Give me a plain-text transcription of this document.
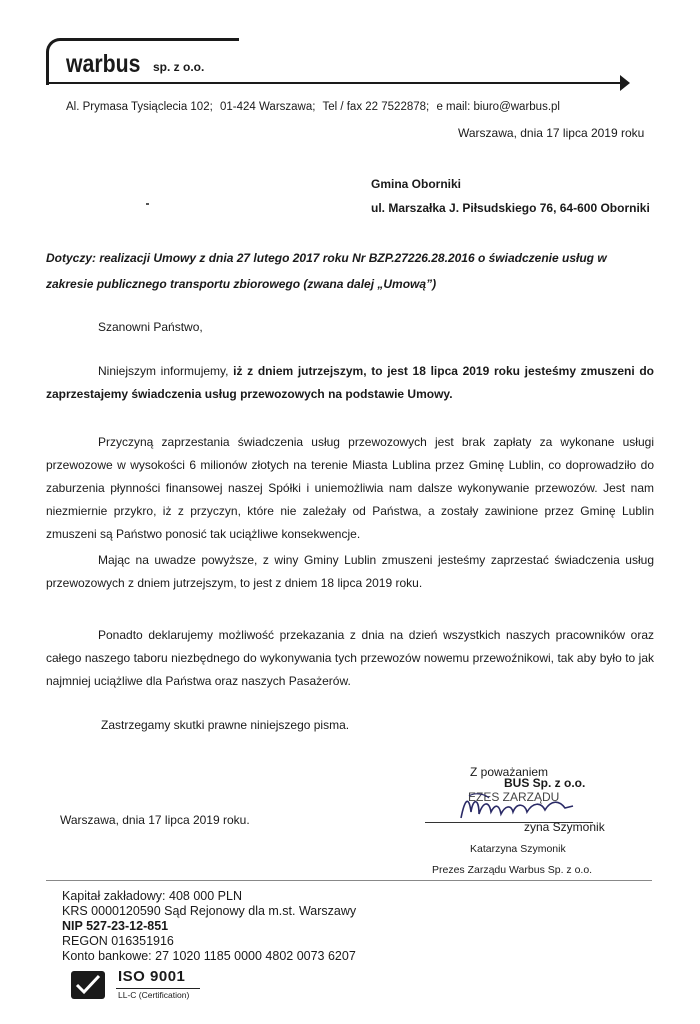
warbus sp. z o.o.
Al. Prymasa Tysiąclecia 102; 01-424 Warszawa; Tel / fax 22 7522878; e mail: biuro@warbus.pl
Warszawa, dnia 17 lipca 2019 roku
Gmina Oborniki
ul. Marszałka J. Piłsudskiego 76, 64-600 Oborniki
Dotyczy: realizacji Umowy z dnia 27 lutego 2017 roku Nr BZP.27226.28.2016 o świadczenie usług w zakresie publicznego transportu zbiorowego (zwana dalej „Umową”)
Szanowni Państwo,
Niniejszym informujemy, iż z dniem jutrzejszym, to jest 18 lipca 2019 roku jesteśmy zmuszeni do zaprzestajemy świadczenia usług przewozowych na podstawie Umowy.
Przyczyną zaprzestania świadczenia usług przewozowych jest brak zapłaty za wykonane usługi przewozowe w wysokości 6 milionów złotych na terenie Miasta Lublina przez Gminę Lublin, co doprowadziło do zaburzenia płynności finansowej naszej Spółki i uniemożliwia nam dalsze wykonywanie przewozów. Jest nam niezmiernie przykro, iż z przyczyn, które nie zależały od Państwa, a zostały zawinione przez Gminę Lublin zmuszeni są Państwo ponosić tak uciążliwe konsekwencje.
Mając na uwadze powyższe, z winy Gminy Lublin zmuszeni jesteśmy zaprzestać świadczenia usług przewozowych z dniem jutrzejszym, to jest z dniem 18 lipca 2019 roku.
Ponadto deklarujemy możliwość przekazania z dnia na dzień wszystkich naszych pracowników oraz całego naszego taboru niezbędnego do wykonywania tych przewozów nowemu przewoźnikowi, tak aby było to jak najmniej uciążliwe dla Państwa oraz naszych Pasażerów.
Zastrzegamy skutki prawne niniejszego pisma.
Z poważaniem
BUS Sp. z o.o.
EZES ZARZĄDU
zyna Szymonik
Katarzyna Szymonik
Prezes Zarządu Warbus Sp. z o.o.
Warszawa, dnia 17 lipca 2019 roku.
Kapitał zakładowy: 408 000 PLN
KRS 0000120590 Sąd Rejonowy dla m.st. Warszawy
NIP 527-23-12-851
REGON 016351916
Konto bankowe: 27 1020 1185 0000 4802 0073 6207
ISO 9001
LL-C (Certification)
